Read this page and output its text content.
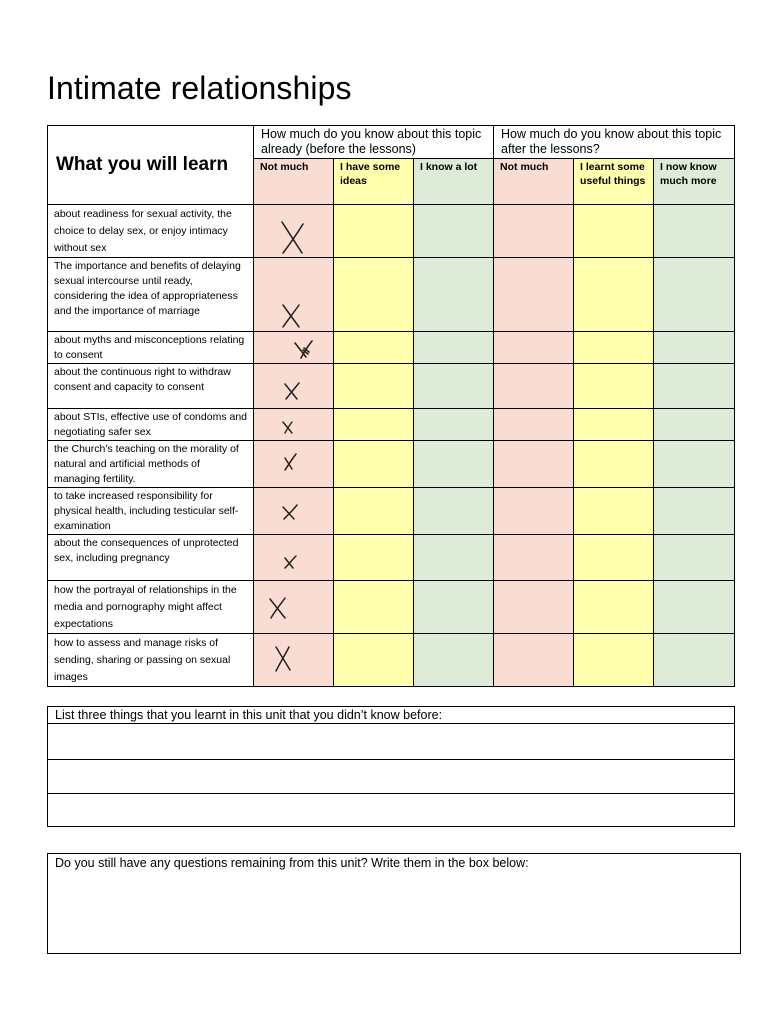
Intimate relationships
What you will learn	How much do you know about this topic already (before the lessons)			How much do you know about this topic after the lessons?		
	Not much	I have some ideas	I know a lot	Not much	I learnt some useful things	I now know much more
about readiness for sexual activity, the choice to delay sex, or enjoy intimacy without sex	

The importance and benefits of delaying sexual intercourse until ready, considering the idea of appropriateness and the importance of marriage	

about myths and misconceptions relating to consent	

about the continuous right to withdraw consent and capacity to consent	

about STIs, effective use of condoms and negotiating safer sex	

the Church’s teaching on the morality of natural and artificial methods of managing fertility.	

to take increased responsibility for physical health, including testicular self-examination	

about the consequences of unprotected sex, including pregnancy	

how the portrayal of relationships in the media and pornography might affect expectations	

how to assess and manage risks of sending, sharing or passing on sexual images	

List three things that you learnt in this unit that you didn’t know before:
Do you still have any questions remaining from this unit? Write them in the box below:
